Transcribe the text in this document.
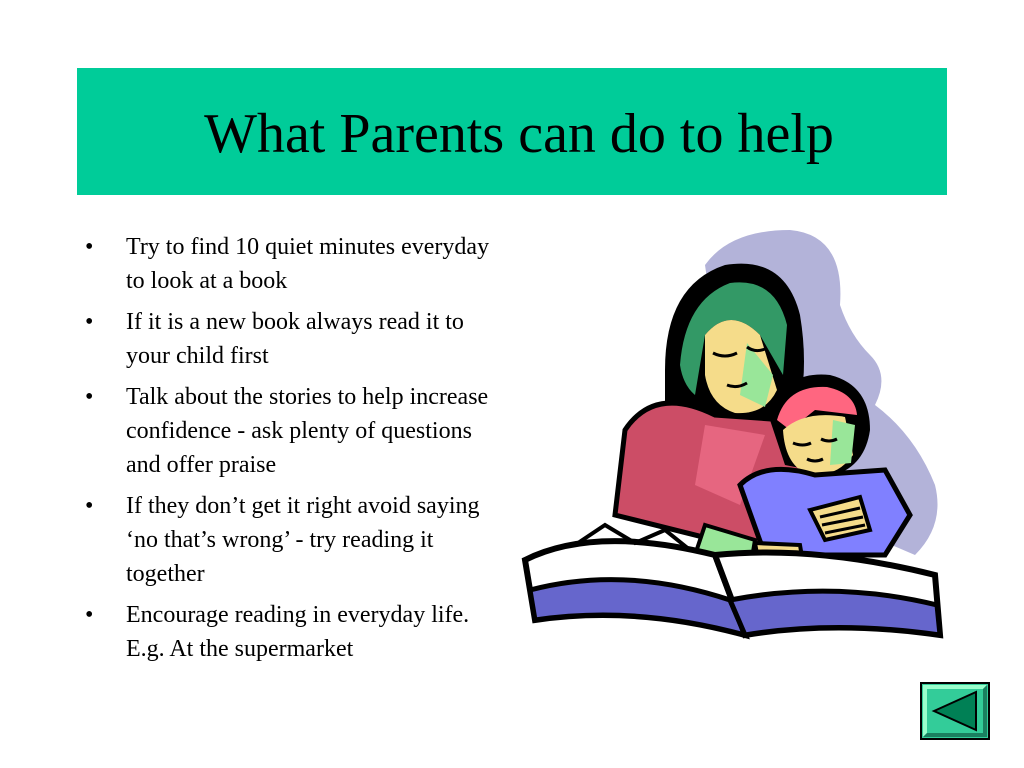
What Parents can do to help
•	Try to find 10 quiet minutes everyday to look at a book
•	If it is a new book always read it to your child first
•	Talk about the stories to help increase confidence - ask plenty of questions and offer praise
•	If they don’t get it right avoid saying ‘no that’s wrong’ - try reading it together
•	Encourage reading in everyday life. E.g. At the supermarket
